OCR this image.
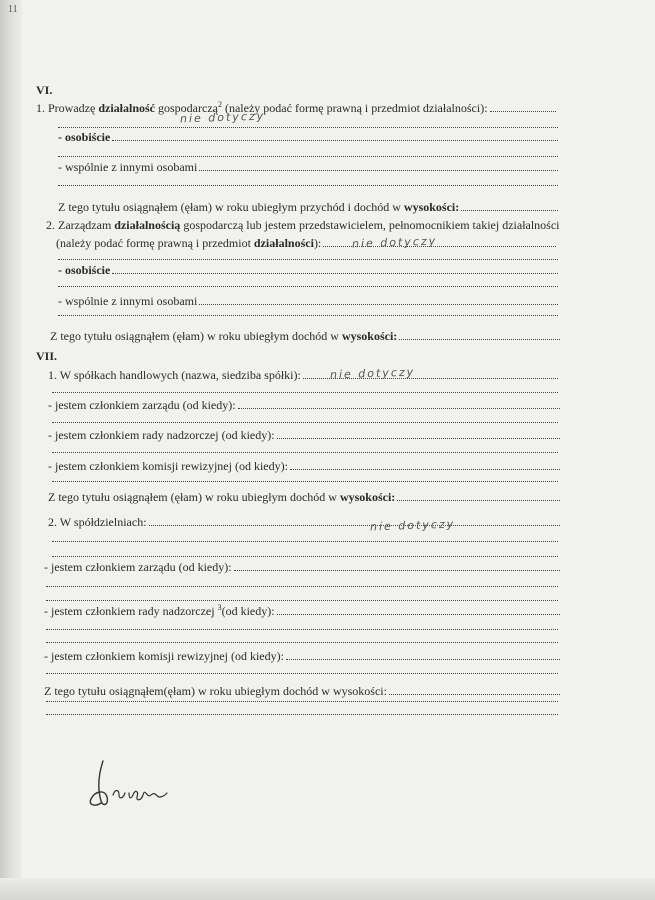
11
VI.
1. Prowadzę działalność gospodarczą$^2$ (należy podać formę prawną i przedmiot działalności):
nie dotyczy
- osobiście
- wspólnie z innymi osobami
Z tego tytułu osiągnąłem (ęłam) w roku ubiegłym przychód i dochód w wysokości:
2. Zarządzam działalnością gospodarczą lub jestem przedstawicielem, pełnomocnikiem takiej działalności
(należy podać formę prawną i przedmiot działalności):	nie dotyczy
- osobiście
- wspólnie z innymi osobami
Z tego tytułu osiągnąłem (ęłam) w roku ubiegłym dochód w wysokości:
VII.
1. W spółkach handlowych (nazwa, siedziba spółki):	nie dotyczy
- jestem członkiem zarządu (od kiedy):
- jestem członkiem rady nadzorczej (od kiedy):
- jestem członkiem komisji rewizyjnej (od kiedy):
Z tego tytułu osiągnąłem (ęłam) w roku ubiegłym dochód w wysokości:
2. W spółdzielniach:	nie dotyczy
- jestem członkiem zarządu (od kiedy):
- jestem członkiem rady nadzorczej $^3$(od kiedy):
- jestem członkiem komisji rewizyjnej (od kiedy):
Z tego tytułu osiągnąłem(ęłam) w roku ubiegłym dochód w wysokości:
